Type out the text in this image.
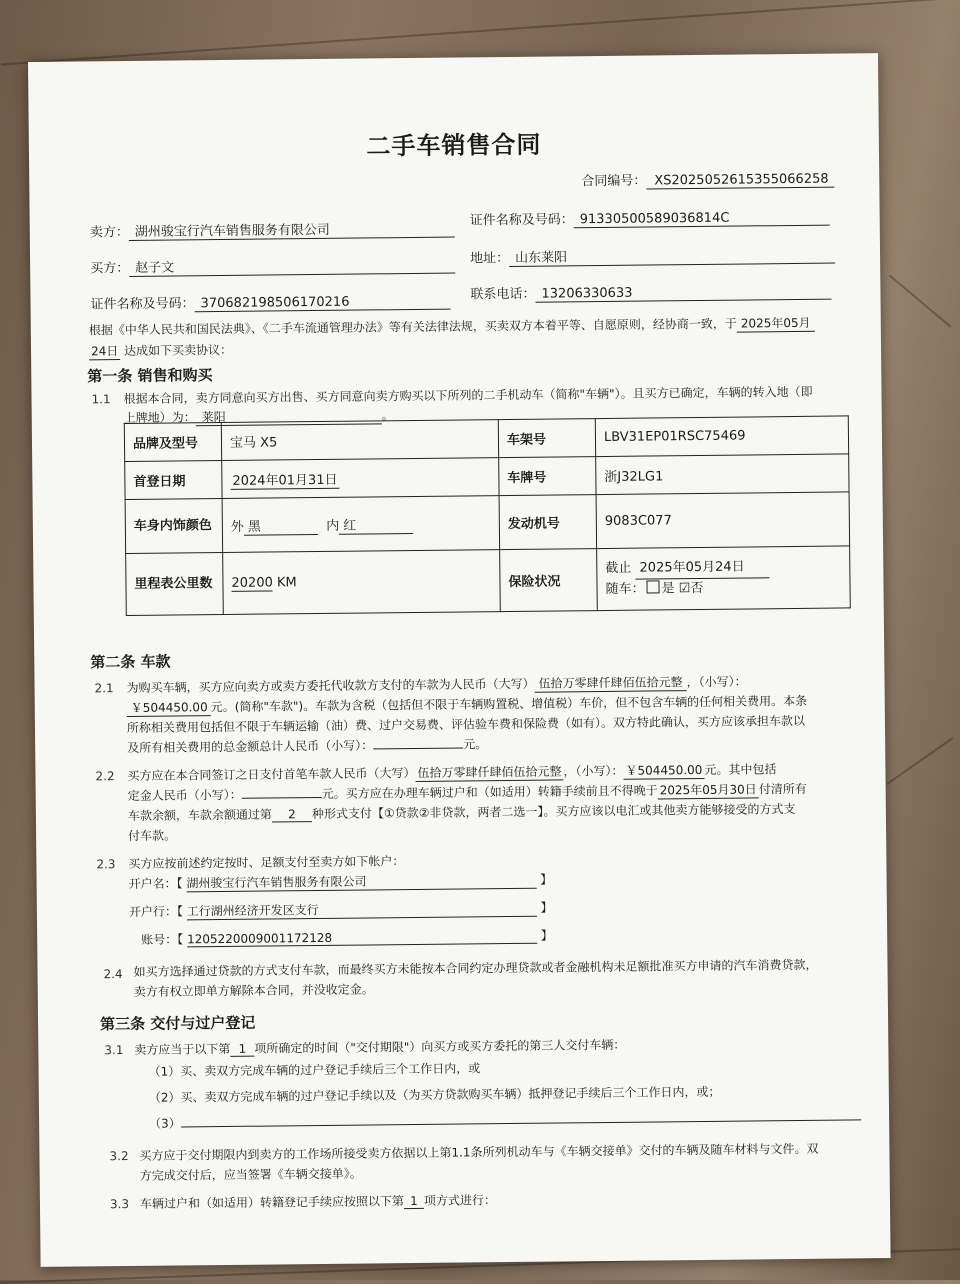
二手车销售合同
合同编号： XS2025052615355066258
卖方： 湖州骏宝行汽车销售服务有限公司
证件名称及号码： 91330500589036814C
买方： 赵子文
地址： 山东莱阳
证件名称及号码： 370682198506170216
联系电话： 13206330633
根据《中华人民共和国民法典》、《二手车流通管理办法》等有关法律法规，买卖双方本着平等、自愿原则，经协商一致，于 2025年05月
24日 达成如下买卖协议：
第一条 销售和购买
1.1 根据本合同，卖方同意向买方出售、买方同意向卖方购买以下所列的二手机动车（简称"车辆"）。且买方已确定，车辆的转入地（即
上牌地）为： 莱阳	。
品牌及型号	宝马 X5	车架号	LBV31EP01RSC75469
首登日期	2024年01月31日	车牌号	浙J32LG1
车身内饰颜色	外 黑 内 红	发动机号	9083C077
里程表公里数	20200 KM	保险状况	截止 2025年05月24日
随车： 是 ☑否
第二条 车款
2.1 为购买车辆，买方应向卖方或卖方委托代收款方支付的车款为人民币（大写） 伍拾万零肆仟肆佰伍拾元整 ，（小写）：
￥504450.00 元。(简称"车款")。车款为含税（包括但不限于车辆购置税、增值税）车价，但不包含车辆的任何相关费用。本条
所称相关费用包括但不限于车辆运输（油）费、过户交易费、评估验车费和保险费（如有）。双方特此确认，买方应该承担车款以
及所有相关费用的总金额总计人民币（小写）：	元。
2.2 买方应在本合同签订之日支付首笔车款人民币（大写） 伍拾万零肆仟肆佰伍拾元整 ，（小写）： ￥504450.00 元。其中包括
定金人民币（小写）：	元。买方应在办理车辆过户和（如适用）转籍手续前且不得晚于 2025年05月30日 付清所有
车款余额，车款余额通过第 2 种形式支付【①贷款②非贷款，两者二选一】。买方应该以电汇或其他卖方能够接受的方式支
付车款。
2.3 买方应按前述约定按时、足额支付至卖方如下帐户：
开户名：【 湖州骏宝行汽车销售服务有限公司	】
开户行：【 工行湖州经济开发区支行	】
账号：【 1205220009001172128	】
2.4 如买方选择通过贷款的方式支付车款，而最终买方未能按本合同约定办理贷款或者金融机构未足额批准买方申请的汽车消费贷款，
卖方有权立即单方解除本合同，并没收定金。
第三条 交付与过户登记
3.1 卖方应当于以下第 1 项所确定的时间（"交付期限"）向买方或买方委托的第三人交付车辆：
（1）买、卖双方完成车辆的过户登记手续后三个工作日内，或
（2）买、卖双方完成车辆的过户登记手续以及（为买方贷款购买车辆）抵押登记手续后三个工作日内，或；
（3）
3.2 买方应于交付期限内到卖方的工作场所接受卖方依据以上第1.1条所列机动车与《车辆交接单》交付的车辆及随车材料与文件。双
方完成交付后，应当签署《车辆交接单》。
3.3 车辆过户和（如适用）转籍登记手续应按照以下第 1 项方式进行：
